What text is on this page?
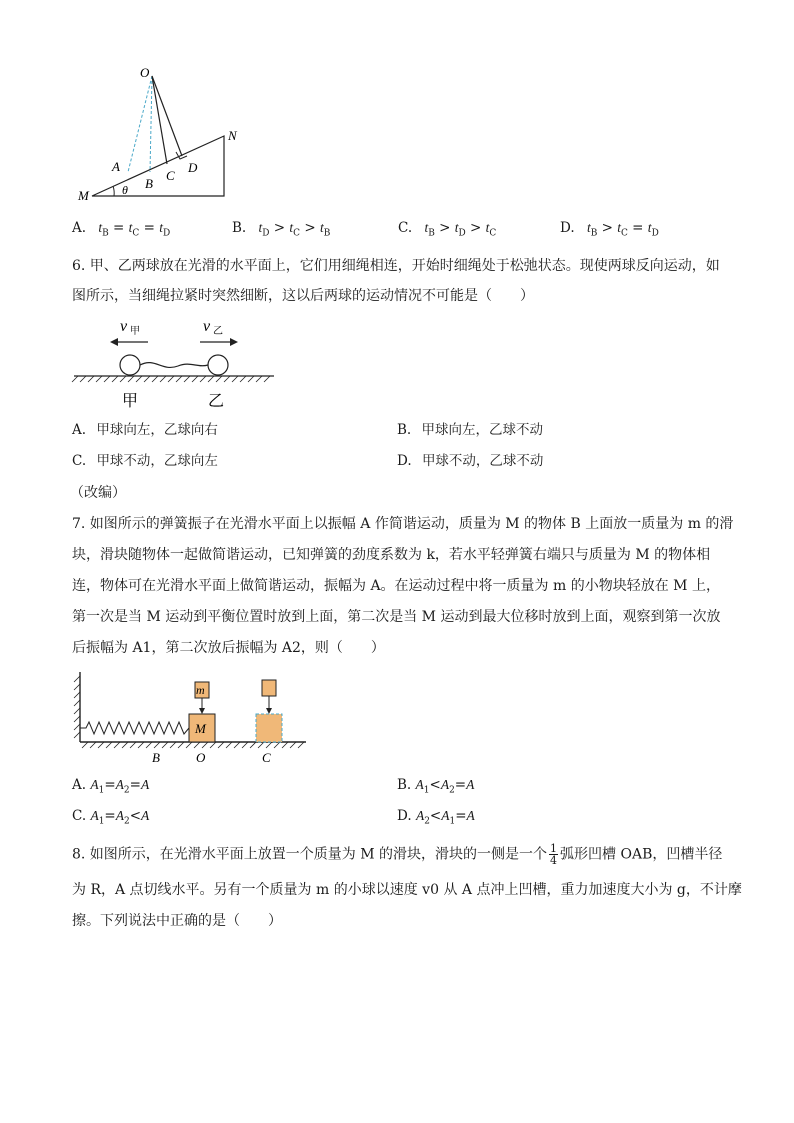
O
A
B
C
D
M
N
θ
A. $t_B = t_C = t_D$	B. $t_D > t_C > t_B$	C. $t_B > t_D > t_C$	D. $t_B > t_C = t_D$
6. 甲、乙两球放在光滑的水平面上，它们用细绳相连，开始时细绳处于松弛状态。现使两球反向运动，如
图所示，当细绳拉紧时突然细断，这以后两球的运动情况不可能是（　　）
v 甲	v 乙
甲	乙
A. 甲球向左，乙球向右	B. 甲球向左，乙球不动
C. 甲球不动，乙球向左	D. 甲球不动，乙球不动
（改编）
7. 如图所示的弹簧振子在光滑水平面上以振幅 A 作简谐运动，质量为 M 的物体 B 上面放一质量为 m 的滑
块，滑块随物体一起做简谐运动，已知弹簧的劲度系数为 k，若水平轻弹簧右端只与质量为 M 的物体相
连，物体可在光滑水平面上做简谐运动，振幅为 A。在运动过程中将一质量为 m 的小物块轻放在 M 上，
第一次是当 M 运动到平衡位置时放到上面，第二次是当 M 运动到最大位移时放到上面，观察到第一次放
后振幅为 A1，第二次放后振幅为 A2，则（　　）
M
m
B	O	C
A. $A_1=A_2=A$	B. $A_1<A_2=A$
C. $A_1=A_2<A$	D. $A_2<A_1=A$
8. 如图所示，在光滑水平面上放置一个质量为 M 的滑块，滑块的一侧是一个 $\frac{1}{4}$ 弧形凹槽 OAB，凹槽半径
为 R，A 点切线水平。另有一个质量为 m 的小球以速度 v0 从 A 点冲上凹槽，重力加速度大小为 g，不计摩
擦。下列说法中正确的是（　　）
